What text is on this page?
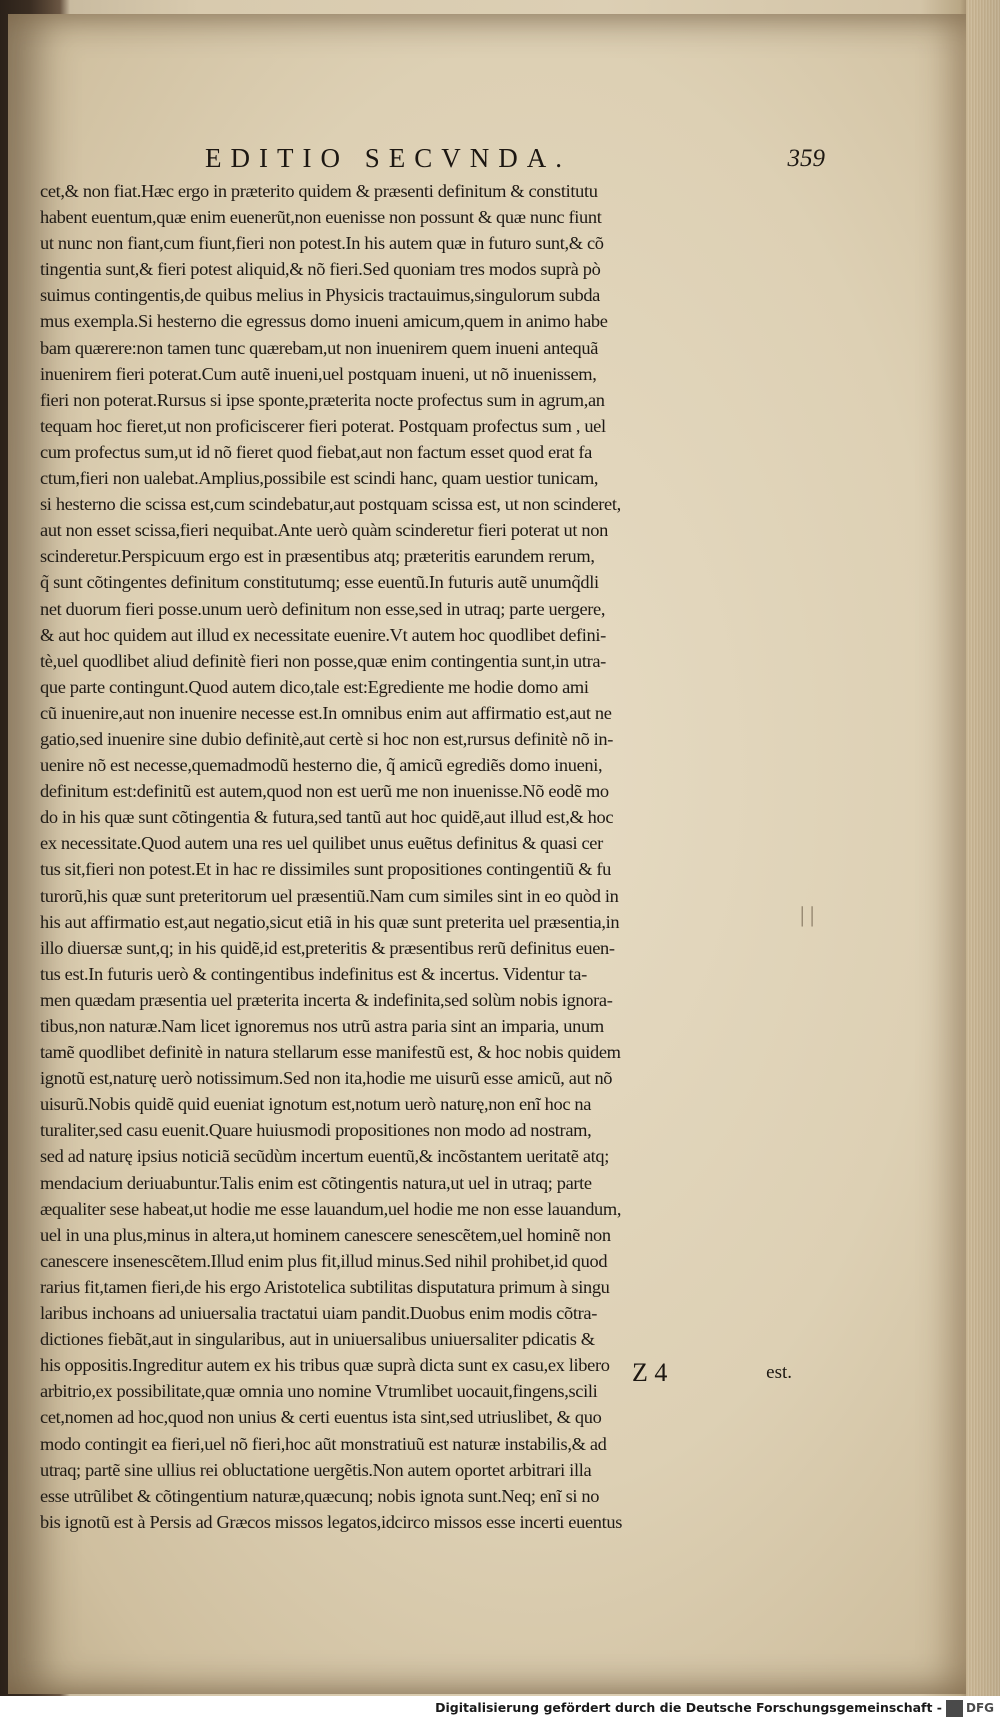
EDITIO SECVNDA.	359
cet,& non fiat.Hæc ergo in præterito quidem & præsenti definitum & constitutu
habent euentum,quæ enim euenerũt,non euenisse non possunt & quæ nunc fiunt
ut nunc non fiant,cum fiunt,fieri non potest.In his autem quæ in futuro sunt,& cõ
tingentia sunt,& fieri potest aliquid,& nõ fieri.Sed quoniam tres modos suprà pò
suimus contingentis,de quibus melius in Physicis tractauimus,singulorum subda
mus exempla.Si hesterno die egressus domo inueni amicum,quem in animo habe
bam quærere:non tamen tunc quærebam,ut non inuenirem quem inueni antequã
inuenirem fieri poterat.Cum autẽ inueni,uel postquam inueni, ut nõ inuenissem,
fieri non poterat.Rursus si ipse sponte,præterita nocte profectus sum in agrum,an
tequam hoc fieret,ut non proficiscerer fieri poterat. Postquam profectus sum , uel
cum profectus sum,ut id nõ fieret quod fiebat,aut non factum esset quod erat fa
ctum,fieri non ualebat.Amplius,possibile est scindi hanc, quam uestior tunicam,
si hesterno die scissa est,cum scindebatur,aut postquam scissa est, ut non scinderet,
aut non esset scissa,fieri nequibat.Ante uerò quàm scinderetur fieri poterat ut non
scinderetur.Perspicuum ergo est in præsentibus atq; præteritis earundem rerum,
q̃ sunt cõtingentes definitum constitutumq; esse euentũ.In futuris autẽ unumq̃dli
net duorum fieri posse.unum uerò definitum non esse,sed in utraq; parte uergere,
& aut hoc quidem aut illud ex necessitate euenire.Vt autem hoc quodlibet defini-
tè,uel quodlibet aliud definitè fieri non posse,quæ enim contingentia sunt,in utra-
que parte contingunt.Quod autem dico,tale est:Egrediente me hodie domo ami
cũ inuenire,aut non inuenire necesse est.In omnibus enim aut affirmatio est,aut ne
gatio,sed inuenire sine dubio definitè,aut certè si hoc non est,rursus definitè nõ in-
uenire nõ est necesse,quemadmodũ hesterno die, q̃ amicũ egrediẽs domo inueni,
definitum est:definitũ est autem,quod non est uerũ me non inuenisse.Nõ eodẽ mo
do in his quæ sunt cõtingentia & futura,sed tantũ aut hoc quidẽ,aut illud est,& hoc
ex necessitate.Quod autem una res uel quilibet unus euẽtus definitus & quasi cer
tus sit,fieri non potest.Et in hac re dissimiles sunt propositiones contingentiũ & fu
turorũ,his quæ sunt preteritorum uel præsentiũ.Nam cum similes sint in eo quòd in
his aut affirmatio est,aut negatio,sicut etiã in his quæ sunt preterita uel præsentia,in
illo diuersæ sunt,q; in his quidẽ,id est,preteritis & præsentibus rerũ definitus euen-
tus est.In futuris uerò & contingentibus indefinitus est & incertus. Videntur ta-
men quædam præsentia uel præterita incerta & indefinita,sed solùm nobis ignora-
tibus,non naturæ.Nam licet ignoremus nos utrũ astra paria sint an imparia, unum
tamẽ quodlibet definitè in natura stellarum esse manifestũ est, & hoc nobis quidem
ignotũ est,naturę uerò notissimum.Sed non ita,hodie me uisurũ esse amicũ, aut nõ
uisurũ.Nobis quidẽ quid eueniat ignotum est,notum uerò naturę,non enĩ hoc na
turaliter,sed casu euenit.Quare huiusmodi propositiones non modo ad nostram,
sed ad naturę ipsius noticiã secũdùm incertum euentũ,& incõstantem ueritatẽ atq;
mendacium deriuabuntur.Talis enim est cõtingentis natura,ut uel in utraq; parte
æqualiter sese habeat,ut hodie me esse lauandum,uel hodie me non esse lauandum,
uel in una plus,minus in altera,ut hominem canescere senescẽtem,uel hominẽ non
canescere insenescẽtem.Illud enim plus fit,illud minus.Sed nihil prohibet,id quod
rarius fit,tamen fieri,de his ergo Aristotelica subtilitas disputatura primum à singu
laribus inchoans ad uniuersalia tractatui uiam pandit.Duobus enim modis cõtra-
dictiones fiebãt,aut in singularibus, aut in uniuersalibus uniuersaliter pdicatis &
his oppositis.Ingreditur autem ex his tribus quæ suprà dicta sunt ex casu,ex libero
arbitrio,ex possibilitate,quæ omnia uno nomine Vtrumlibet uocauit,fingens,scili
cet,nomen ad hoc,quod non unius & certi euentus ista sint,sed utriuslibet, & quo
modo contingit ea fieri,uel nõ fieri,hoc aũt monstratiuũ est naturæ instabilis,& ad
utraq; partẽ sine ullius rei obluctatione uergẽtis.Non autem oportet arbitrari illa
esse utrũlibet & cõtingentium naturæ,quæcunq; nobis ignota sunt.Neq; enĩ si no
bis ignotũ est à Persis ad Græcos missos legatos,idcirco missos esse incerti euentus
| |
Z 4	est.
Digitalisierung gefördert durch die Deutsche Forschungsgemeinschaft - DFG
